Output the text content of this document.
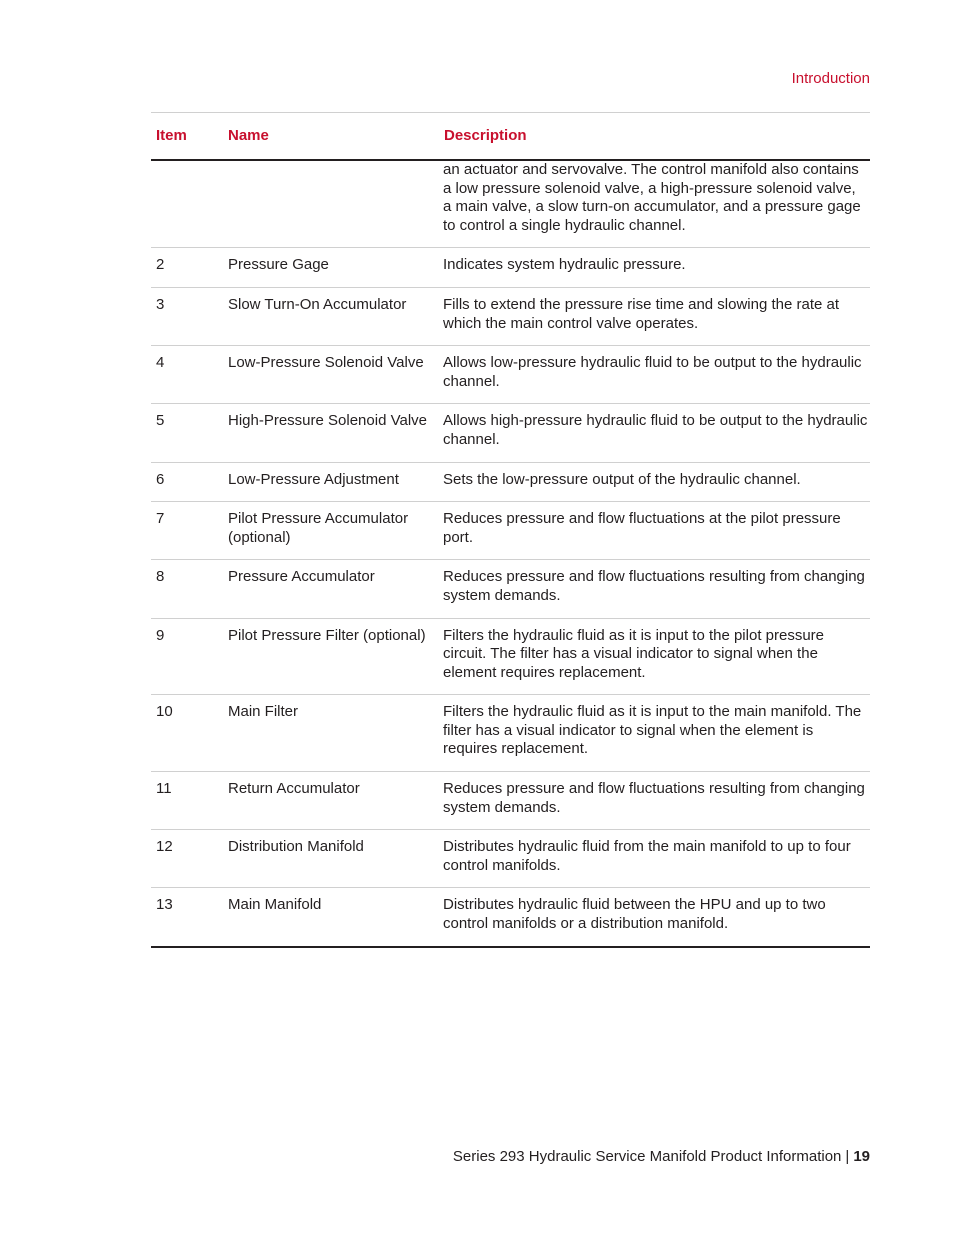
Introduction
Item	Name	Description
		an actuator and servovalve. The control manifold also contains a low pressure solenoid valve, a high-pressure solenoid valve, a main valve, a slow turn-on accumulator, and a pressure gage to control a single hydraulic channel.
2	Pressure Gage	Indicates system hydraulic pressure.
3	Slow Turn-On Accumulator	Fills to extend the pressure rise time and slowing the rate at which the main control valve operates.
4	Low-Pressure Solenoid Valve	Allows low-pressure hydraulic fluid to be output to the hydraulic channel.
5	High-Pressure Solenoid Valve	Allows high-pressure hydraulic fluid to be output to the hydraulic channel.
6	Low-Pressure Adjustment	Sets the low-pressure output of the hydraulic channel.
7	Pilot Pressure Accumulator (optional)	Reduces pressure and flow fluctuations at the pilot pressure port.
8	Pressure Accumulator	Reduces pressure and flow fluctuations resulting from changing system demands.
9	Pilot Pressure Filter (optional)	Filters the hydraulic fluid as it is input to the pilot pressure circuit. The filter has a visual indicator to signal when the element requires replacement.
10	Main Filter	Filters the hydraulic fluid as it is input to the main manifold. The filter has a visual indicator to signal when the element is requires replacement.
11	Return Accumulator	Reduces pressure and flow fluctuations resulting from changing system demands.
12	Distribution Manifold	Distributes hydraulic fluid from the main manifold to up to four control manifolds.
13	Main Manifold	Distributes hydraulic fluid between the HPU and up to two control manifolds or a distribution manifold.
Series 293 Hydraulic Service Manifold Product Information | 19
